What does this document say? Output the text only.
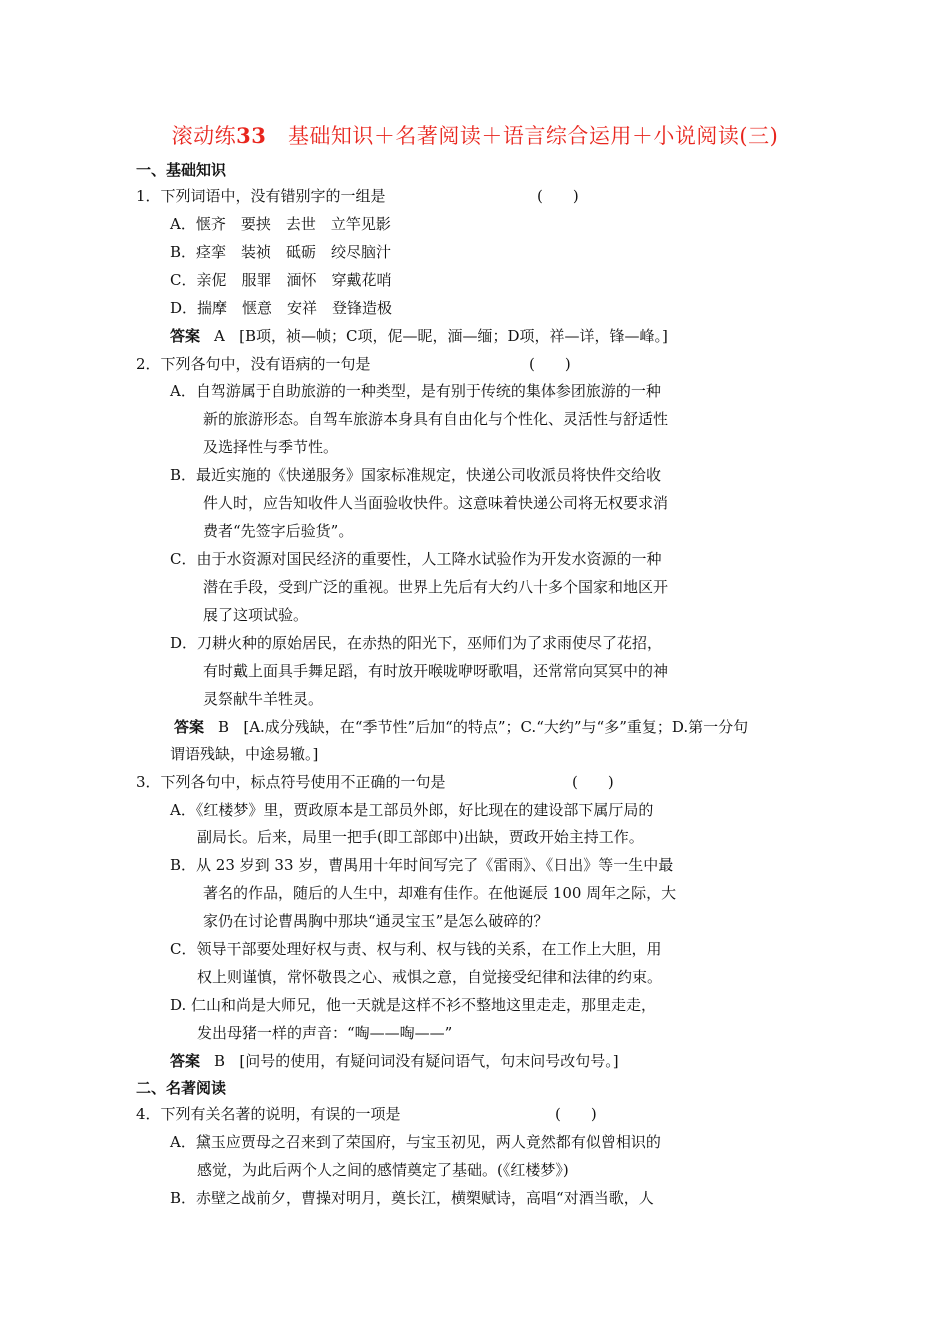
滚动练33 基础知识＋名著阅读＋语言综合运用＋小说阅读(三)
一、基础知识
1．下列词语中，没有错别字的一组是	(　　)
A．惬齐　要挟　去世　立竿见影
B．痉挛　装祯　砥砺　绞尽脑汁
C．亲伲　服罪　湎怀　穿戴花哨
D．揣摩　惬意　安祥　登锋造极
答案 A [B项，祯—帧；C项，伲—昵，湎—缅；D项，祥—详，锋—峰。]
2．下列各句中，没有语病的一句是	(　　)
A．自驾游属于自助旅游的一种类型，是有别于传统的集体参团旅游的一种
新的旅游形态。自驾车旅游本身具有自由化与个性化、灵活性与舒适性
及选择性与季节性。
B．最近实施的《快递服务》国家标准规定，快递公司收派员将快件交给收
件人时，应告知收件人当面验收快件。这意味着快递公司将无权要求消
费者“先签字后验货”。
C．由于水资源对国民经济的重要性，人工降水试验作为开发水资源的一种
潜在手段，受到广泛的重视。世界上先后有大约八十多个国家和地区开
展了这项试验。
D．刀耕火种的原始居民，在赤热的阳光下，巫师们为了求雨使尽了花招，
有时戴上面具手舞足蹈，有时放开喉咙咿呀歌唱，还常常向冥冥中的神
灵祭献牛羊牲灵。
答案 B [A.成分残缺，在“季节性”后加“的特点”；C.“大约”与“多”重复；D.第一分句
谓语残缺，中途易辙。]
3．下列各句中，标点符号使用不正确的一句是	(　　)
A．《红楼梦》里，贾政原本是工部员外郎，好比现在的建设部下属厅局的
副局长。后来，局里一把手(即工部郎中)出缺，贾政开始主持工作。
B．从 23 岁到 33 岁，曹禺用十年时间写完了《雷雨》、《日出》等一生中最
著名的作品，随后的人生中，却难有佳作。在他诞辰 100 周年之际，大
家仍在讨论曹禺胸中那块“通灵宝玉”是怎么破碎的？
C．领导干部要处理好权与责、权与利、权与钱的关系，在工作上大胆，用
权上则谨慎，常怀敬畏之心、戒惧之意，自觉接受纪律和法律的约束。
D. 仁山和尚是大师兄，他一天就是这样不衫不整地这里走走，那里走走，
发出母猪一样的声音：“啕——啕——”
答案 B [问号的使用，有疑问词没有疑问语气，句末问号改句号。]
二、名著阅读
4．下列有关名著的说明，有误的一项是	(　　)
A．黛玉应贾母之召来到了荣国府，与宝玉初见，两人竟然都有似曾相识的
感觉，为此后两个人之间的感情奠定了基础。(《红楼梦》)
B．赤壁之战前夕，曹操对明月，奠长江，横槊赋诗，高唱“对酒当歌，人
